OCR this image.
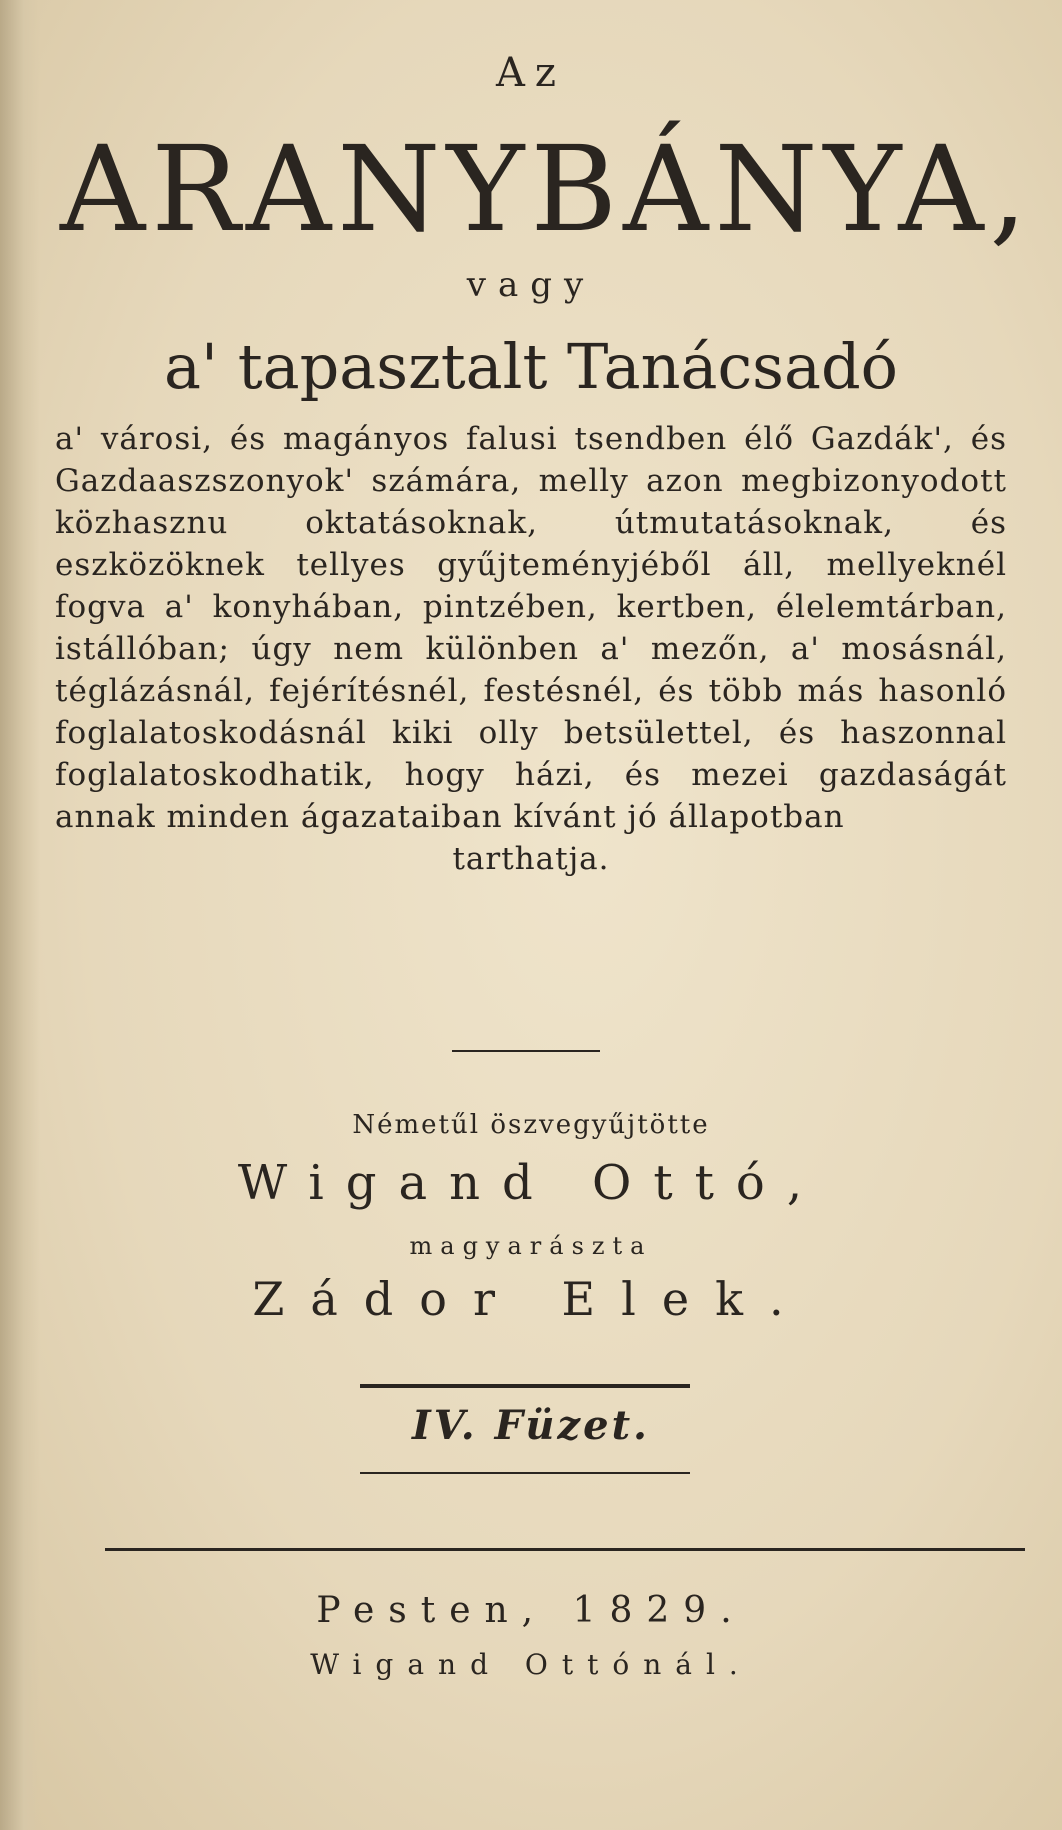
Az
ARANYBÁNYA,
vagy
a' tapasztalt Tanácsadó
a' városi, és magányos falusi tsendben élő Gazdák', és Gazdaaszszonyok' számára, melly azon megbizonyodott közhasznu oktatásoknak, útmutatásoknak, és eszközöknek tellyes gyűjteményjéből áll, mellyeknél fogva a' konyhában, pintzében, kertben, élelemtárban, istállóban; úgy nem különben a' mezőn, a' mosásnál, téglázásnál, fejérítésnél, festésnél, és több más hasonló foglalatoskodásnál kiki olly betsülettel, és haszonnal foglalatoskodhatik, hogy házi, és mezei gazdaságát annak minden ágazataiban kívánt jó állapotban
tarthatja.
Németűl öszvegyűjtötte
Wigand Ottó,
magyarászta
Zádor Elek.
IV. Füzet.
Pesten, 1829.
Wigand Ottónál.
